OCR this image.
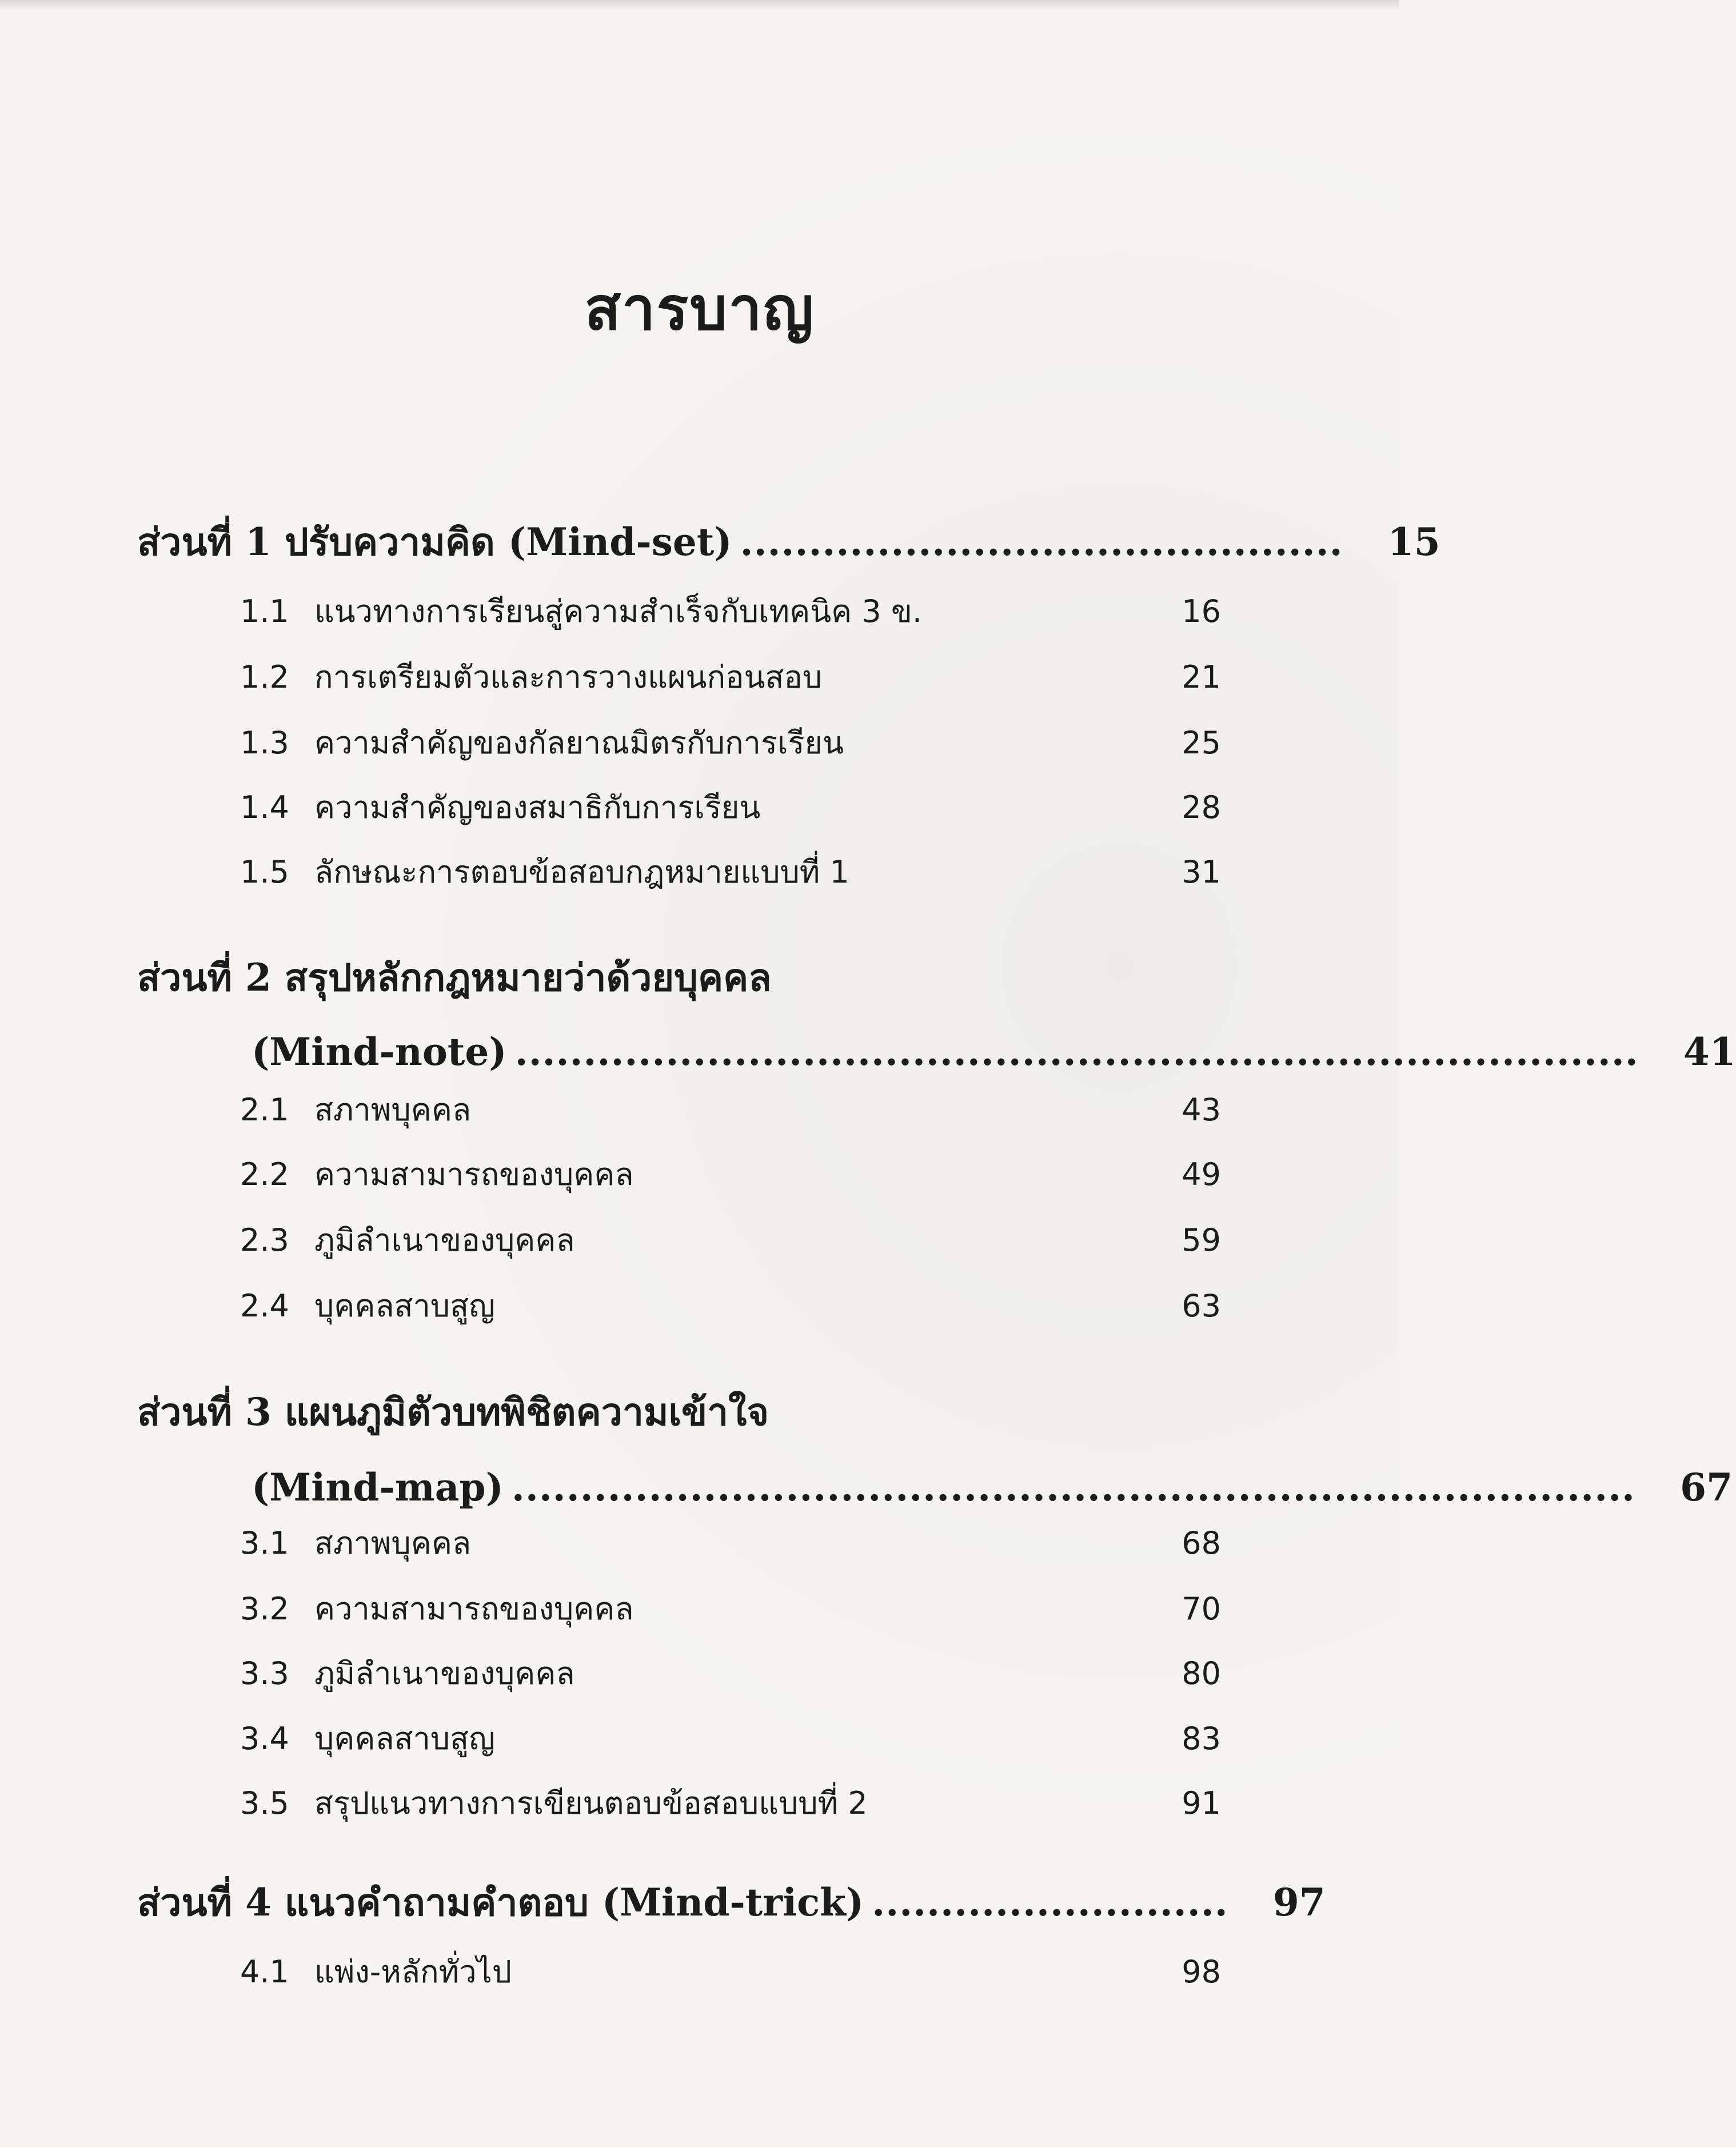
สารบาญ
ส่วนที่ 1 ปรับความคิด (Mind-set) ............................................	15
1.1 แนวทางการเรียนสู่ความสำเร็จกับเทคนิค 3 ข.	16
1.2 การเตรียมตัวและการวางแผนก่อนสอบ	21
1.3 ความสำคัญของกัลยาณมิตรกับการเรียน	25
1.4 ความสำคัญของสมาธิกับการเรียน	28
1.5 ลักษณะการตอบข้อสอบกฎหมายแบบที่ 1	31
ส่วนที่ 2 สรุปหลักกฎหมายว่าด้วยบุคคล
(Mind-note) ..................................................................................	41
2.1 สภาพบุคคล	43
2.2 ความสามารถของบุคคล	49
2.3 ภูมิลำเนาของบุคคล	59
2.4 บุคคลสาบสูญ	63
ส่วนที่ 3 แผนภูมิตัวบทพิชิตความเข้าใจ
(Mind-map) ..................................................................................	67
3.1 สภาพบุคคล	68
3.2 ความสามารถของบุคคล	70
3.3 ภูมิลำเนาของบุคคล	80
3.4 บุคคลสาบสูญ	83
3.5 สรุปแนวทางการเขียนตอบข้อสอบแบบที่ 2	91
ส่วนที่ 4 แนวคำถามคำตอบ (Mind-trick) ..........................	97
4.1 แพ่ง-หลักทั่วไป	98
